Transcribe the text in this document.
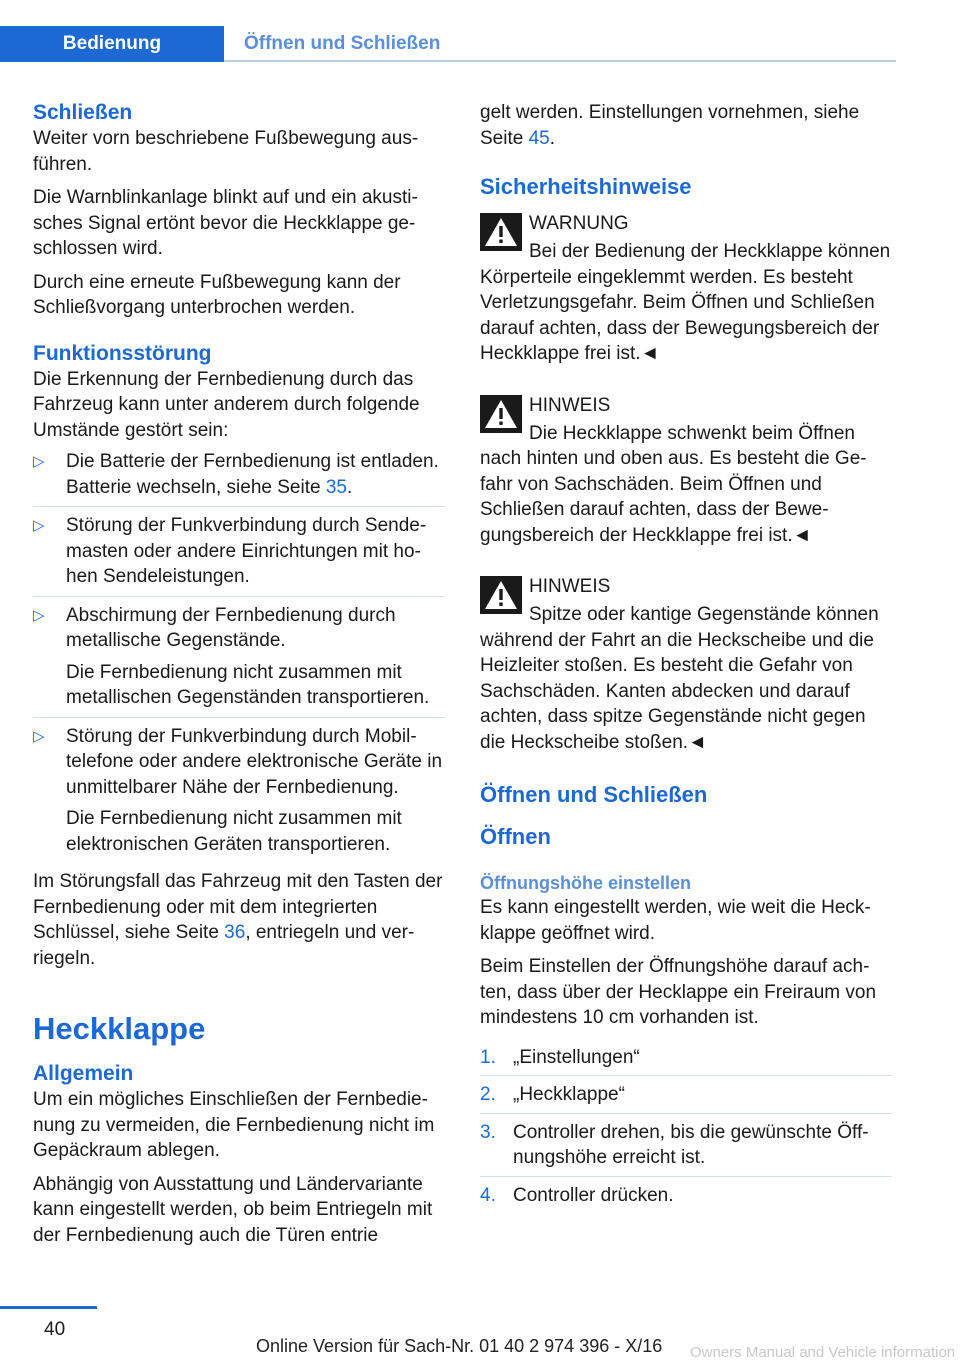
Bedienung	Öffnen und Schließen
Schließen

Weiter vorn beschriebene Fußbewegung ausführen.

Die Warnblinkanlage blinkt auf und ein akustisches Signal ertönt bevor die Heckklappe geschlossen wird.

Durch eine erneute Fußbewegung kann der Schließvorgang unterbrochen werden.

Funktionsstörung

Die Erkennung der Fernbedienung durch das Fahrzeug kann unter anderem durch folgende Umstände gestört sein:

▷ Die Batterie der Fernbedienung ist entladen. Batterie wechseln, siehe Seite 35.

▷ Störung der Funkverbindung durch Sendemasten oder andere Einrichtungen mit hohen Sendeleistungen.

▷ Abschirmung der Fernbedienung durch metallische Gegenstände.

Die Fernbedienung nicht zusammen mit metallischen Gegenständen transportieren.

▷ Störung der Funkverbindung durch Mobiltelefone oder andere elektronische Geräte in unmittelbarer Nähe der Fernbedienung.

Die Fernbedienung nicht zusammen mit elektronischen Geräten transportieren.

Im Störungsfall das Fahrzeug mit den Tasten der Fernbedienung oder mit dem integrierten Schlüssel, siehe Seite 36, entriegeln und verriegeln.

Heckklappe
Allgemein

Um ein mögliches Einschließen der Fernbedienung zu vermeiden, die Fernbedienung nicht im Gepäckraum ablegen.

Abhängig von Ausstattung und Ländervariante kann eingestellt werden, ob beim Entriegeln mit der Fernbedienung auch die Türen entrie

gelt werden. Einstellungen vornehmen, siehe Seite 45.

Sicherheitshinweise
WARNUNG
Bei der Bedienung der Heckklappe können Körperteile eingeklemmt werden. Es besteht Verletzungsgefahr. Beim Öffnen und Schließen darauf achten, dass der Bewegungsbereich der Heckklappe frei ist.◄
HINWEIS
Die Heckklappe schwenkt beim Öffnen nach hinten und oben aus. Es besteht die Gefahr von Sachschäden. Beim Öffnen und Schließen darauf achten, dass der Bewegungsbereich der Heckklappe frei ist.◄
HINWEIS
Spitze oder kantige Gegenstände können während der Fahrt an die Heckscheibe und die Heizleiter stoßen. Es besteht die Gefahr von Sachschäden. Kanten abdecken und darauf achten, dass spitze Gegenstände nicht gegen die Heckscheibe stoßen.◄
Öffnen und Schließen
Öffnen
Öffnungshöhe einstellen

Es kann eingestellt werden, wie weit die Heckklappe geöffnet wird.

Beim Einstellen der Öffnungshöhe darauf achten, dass über der Hecklappe ein Freiraum von mindestens 10 cm vorhanden ist.

1. „Einstellungen“
2. „Heckklappe“
3. Controller drehen, bis die gewünschte Öffnungshöhe erreicht ist.
4. Controller drücken.
40
Online Version für Sach-Nr. 01 40 2 974 396 - X/16 Owners Manual and Vehicle information
